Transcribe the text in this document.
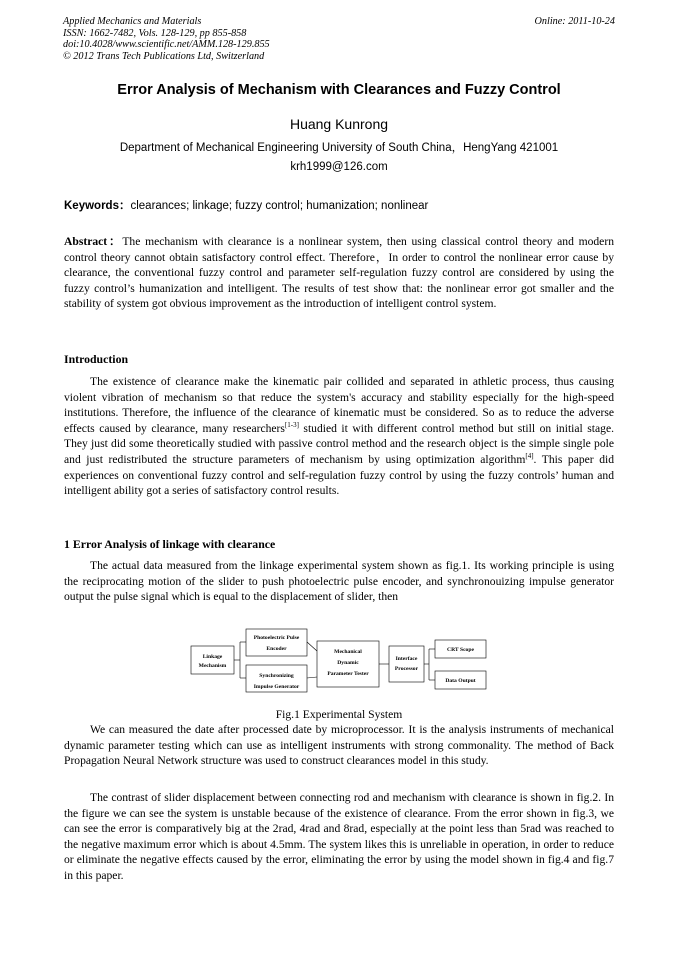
Applied Mechanics and Materials
ISSN: 1662-7482, Vols. 128-129, pp 855-858
doi:10.4028/www.scientific.net/AMM.128-129.855
© 2012 Trans Tech Publications Ltd, Switzerland
Online: 2011-10-24
Error Analysis of Mechanism with Clearances and Fuzzy Control
Huang Kunrong
Department of Mechanical Engineering University of South China，HengYang 421001
krh1999@126.com
Keywords：clearances; linkage; fuzzy control; humanization; nonlinear

Abstract：The mechanism with clearance is a nonlinear system, then using classical control theory and modern control theory cannot obtain satisfactory control effect. Therefore，In order to control the nonlinear error cause by clearance, the conventional fuzzy control and parameter self-regulation fuzzy control are considered by using the fuzzy control’s humanization and intelligent. The results of test show that: the nonlinear error got smaller and the stability of system got obvious improvement as the introduction of intelligent control system.

Introduction

The existence of clearance make the kinematic pair collided and separated in athletic process, thus causing violent vibration of mechanism so that reduce the system's accuracy and stability especially for the high-speed institutions. Therefore, the influence of the clearance of kinematic must be considered. So as to reduce the adverse effects caused by clearance, many researchers[1-3] studied it with different control method but still on initial stage. They just did some theoretically studied with passive control method and the research object is the simple single pole and just redistributed the structure parameters of mechanism by using optimization algorithm[4]. This paper did experiences on conventional fuzzy control and self-regulation fuzzy control by using the fuzzy controls’ human and intelligent ability got a series of satisfactory control results.

1 Error Analysis of linkage with clearance

The actual data measured from the linkage experimental system shown as fig.1. Its working principle is using the reciprocating motion of the slider to push photoelectric pulse encoder, and synchronouizing impulse generator output the pulse signal which is equal to the displacement of slider, then

Linkage
Mechanism
Photoelectric Pulse
Encoder
Synchronizing
Impulse Generator
Mechanical
Dynamic
Parameter Tester
Interface
Processor
CRT Scope
Data Output
Fig.1 Experimental System

We can measured the date after processed date by microprocessor. It is the analysis instruments of mechanical dynamic parameter testing which can use as intelligent instruments with strong commonality. The method of Back Propagation Neural Network structure was used to construct clearances model in this study.

The contrast of slider displacement between connecting rod and mechanism with clearance is shown in fig.2. In the figure we can see the system is unstable because of the existence of clearance. From the error shown in fig.3, we can see the error is comparatively big at the 2rad, 4rad and 8rad, especially at the point less than 5rad was reached to the negative maximum error which is about 4.5mm. The system likes this is unreliable in operation, in order to reduce or eliminate the negative effects caused by the error, eliminating the error by using the model shown in fig.4 and fig.7 in this paper.
